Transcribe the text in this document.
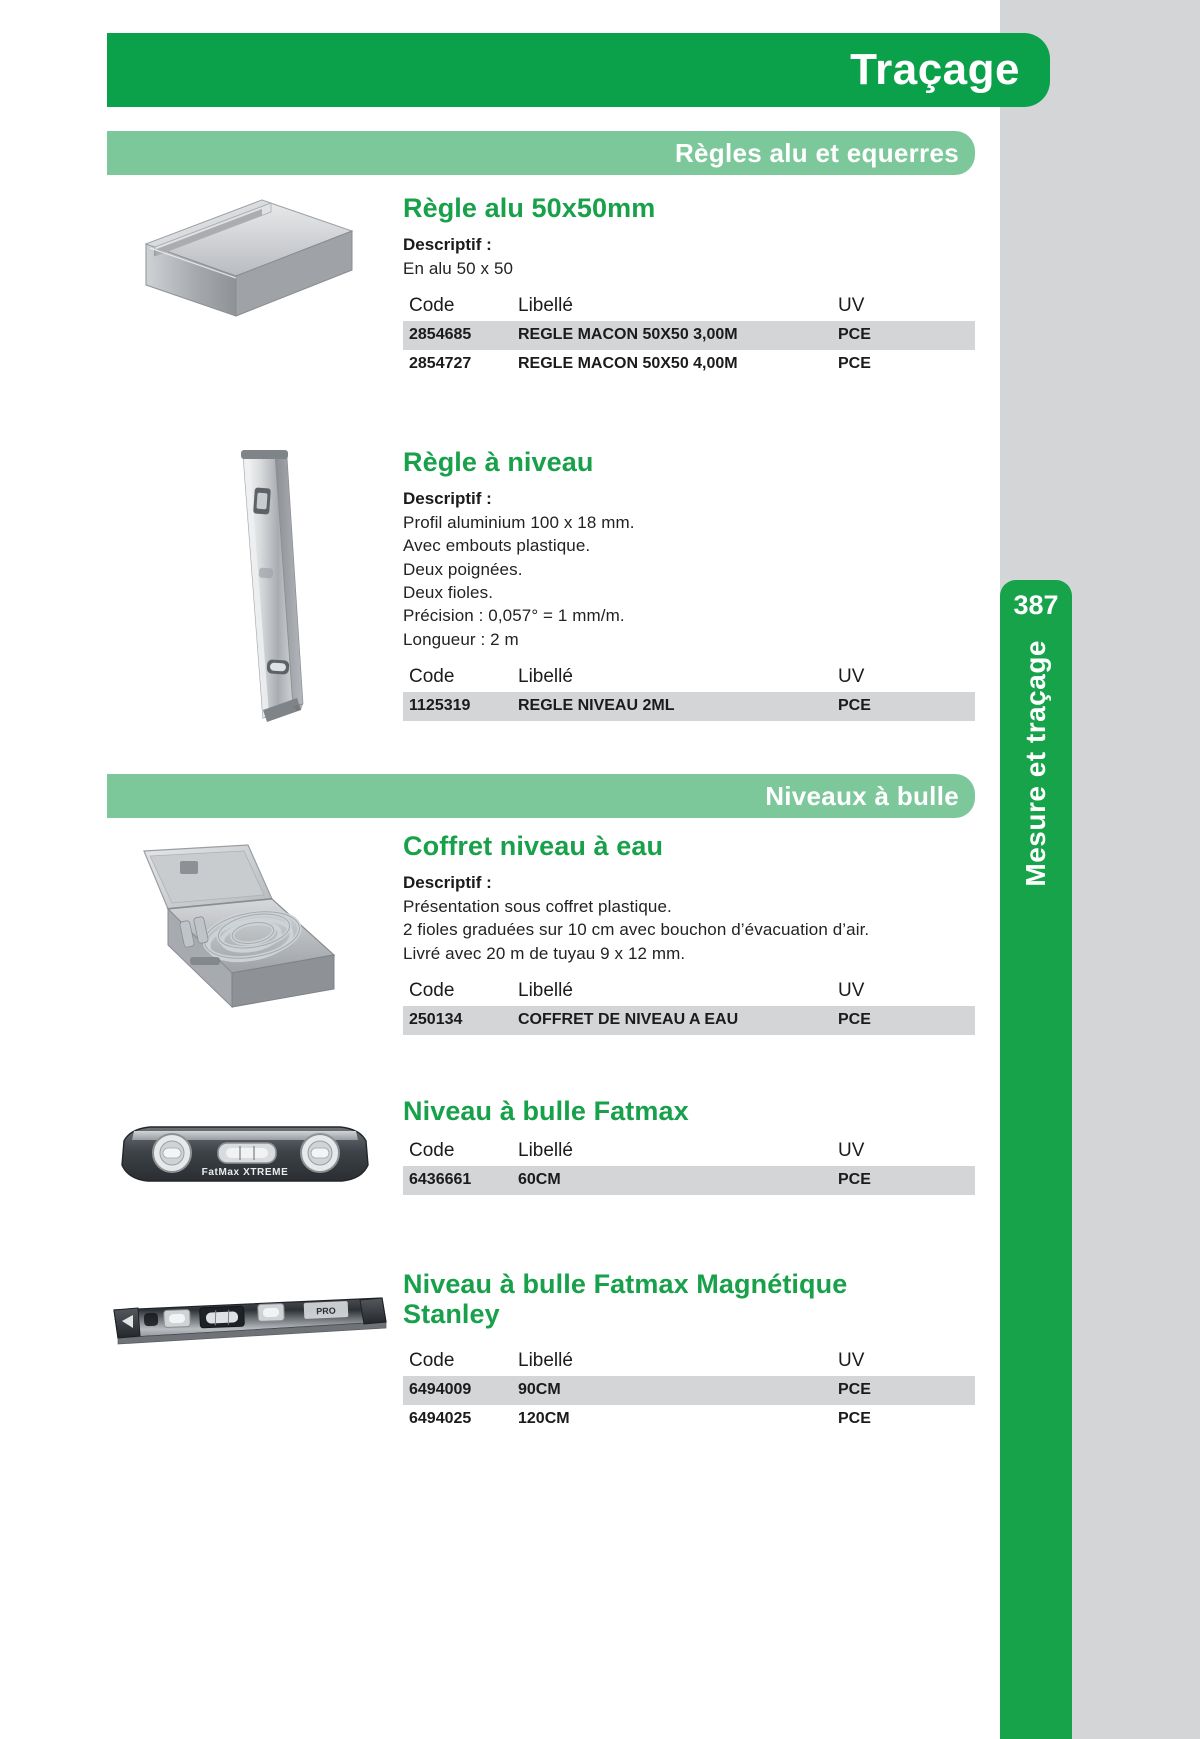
Traçage
Règles alu et equerres
Règle alu 50x50mm
Descriptif :
En alu 50 x 50
Code	Libellé	UV
2854685	REGLE MACON 50X50 3,00M	PCE
2854727	REGLE MACON 50X50 4,00M	PCE
Règle à niveau
Descriptif :
Profil aluminium 100 x 18 mm.
Avec embouts plastique.
Deux poignées.
Deux fioles.
Précision : 0,057° = 1 mm/m.
Longueur : 2 m
Code	Libellé	UV
1125319	REGLE NIVEAU 2ML	PCE
Niveaux à bulle
Coffret niveau à eau
Descriptif :
Présentation sous coffret plastique.
2 fioles graduées sur 10 cm avec bouchon d’évacuation d’air.
Livré avec 20 m de tuyau 9 x 12 mm.
Code	Libellé	UV
250134	COFFRET DE NIVEAU A EAU	PCE
FatMax XTREME
Niveau à bulle Fatmax
Code	Libellé	UV
6436661	60CM	PCE
PRO
Niveau à bulle Fatmax Magnétique Stanley
Code	Libellé	UV
6494009	90CM	PCE
6494025	120CM	PCE
387
Mesure et traçage
